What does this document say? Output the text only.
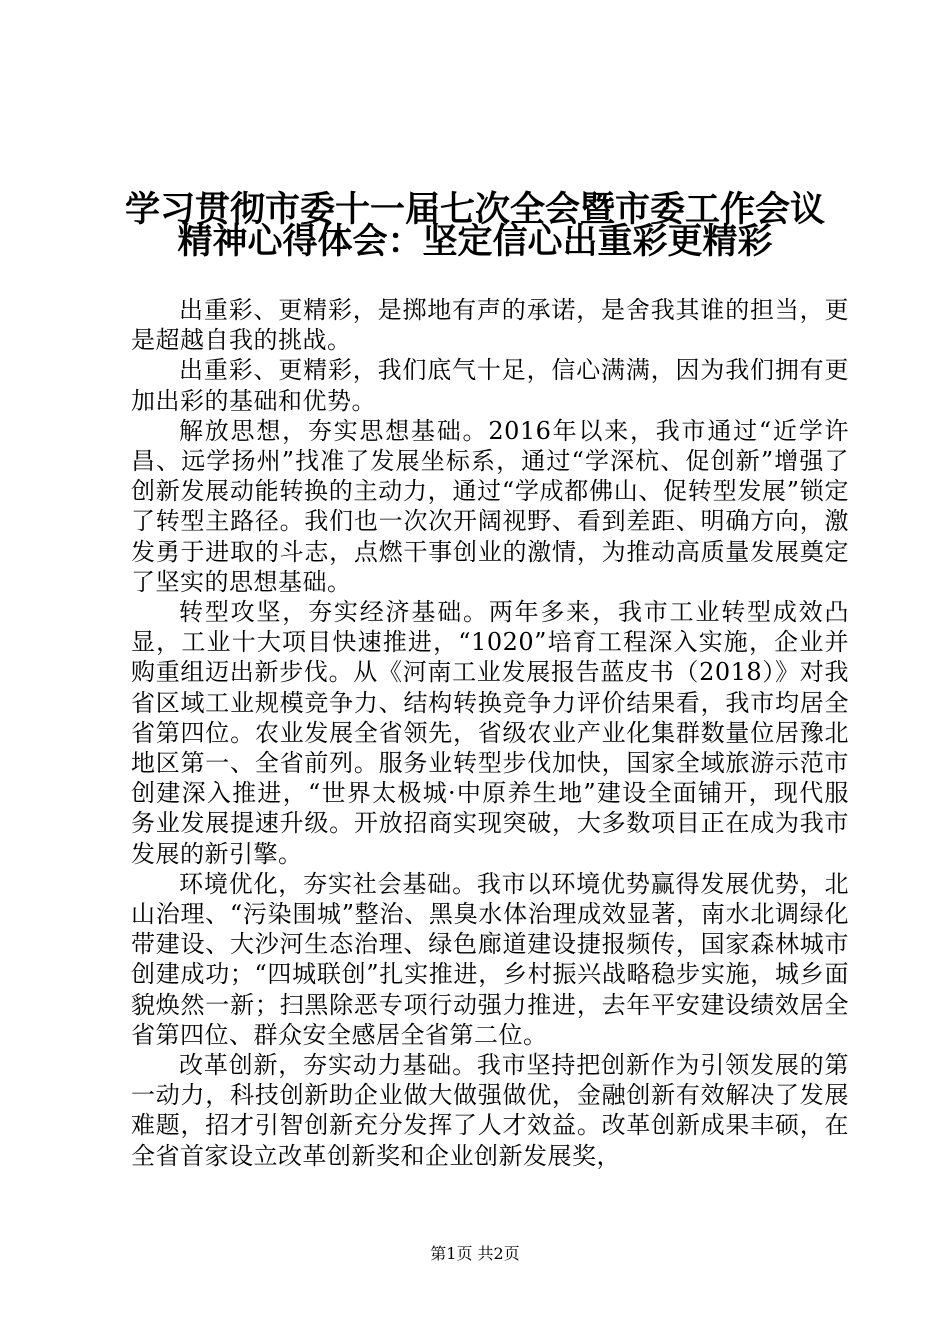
学习贯彻市委十一届七次全会暨市委工作会议
精神心得体会：坚定信心出重彩更精彩

出重彩、更精彩，是掷地有声的承诺，是舍我其谁的担当，更是超越自我的挑战。

出重彩、更精彩，我们底气十足，信心满满，因为我们拥有更加出彩的基础和优势。

解放思想，夯实思想基础。2016年以来，我市通过“近学许昌、远学扬州”找准了发展坐标系，通过“学深杭、促创新”增强了创新发展动能转换的主动力，通过“学成都佛山、促转型发展”锁定了转型主路径。我们也一次次开阔视野、看到差距、明确方向，激发勇于进取的斗志，点燃干事创业的激情，为推动高质量发展奠定了坚实的思想基础。

转型攻坚，夯实经济基础。两年多来，我市工业转型成效凸显，工业十大项目快速推进，“1020”培育工程深入实施，企业并购重组迈出新步伐。从《河南工业发展报告蓝皮书（2018）》对我省区域工业规模竞争力、结构转换竞争力评价结果看，我市均居全省第四位。农业发展全省领先，省级农业产业化集群数量位居豫北地区第一、全省前列。服务业转型步伐加快，国家全域旅游示范市创建深入推进，“世界太极城·中原养生地”建设全面铺开，现代服务业发展提速升级。开放招商实现突破，大多数项目正在成为我市发展的新引擎。

环境优化，夯实社会基础。我市以环境优势赢得发展优势，北山治理、“污染围城”整治、黑臭水体治理成效显著，南水北调绿化带建设、大沙河生态治理、绿色廊道建设捷报频传，国家森林城市创建成功；“四城联创”扎实推进，乡村振兴战略稳步实施，城乡面貌焕然一新；扫黑除恶专项行动强力推进，去年平安建设绩效居全省第四位、群众安全感居全省第二位。

改革创新，夯实动力基础。我市坚持把创新作为引领发展的第一动力，科技创新助企业做大做强做优，金融创新有效解决了发展难题，招才引智创新充分发挥了人才效益。改革创新成果丰硕，在全省首家设立改革创新奖和企业创新发展奖，

第1页 共2页
